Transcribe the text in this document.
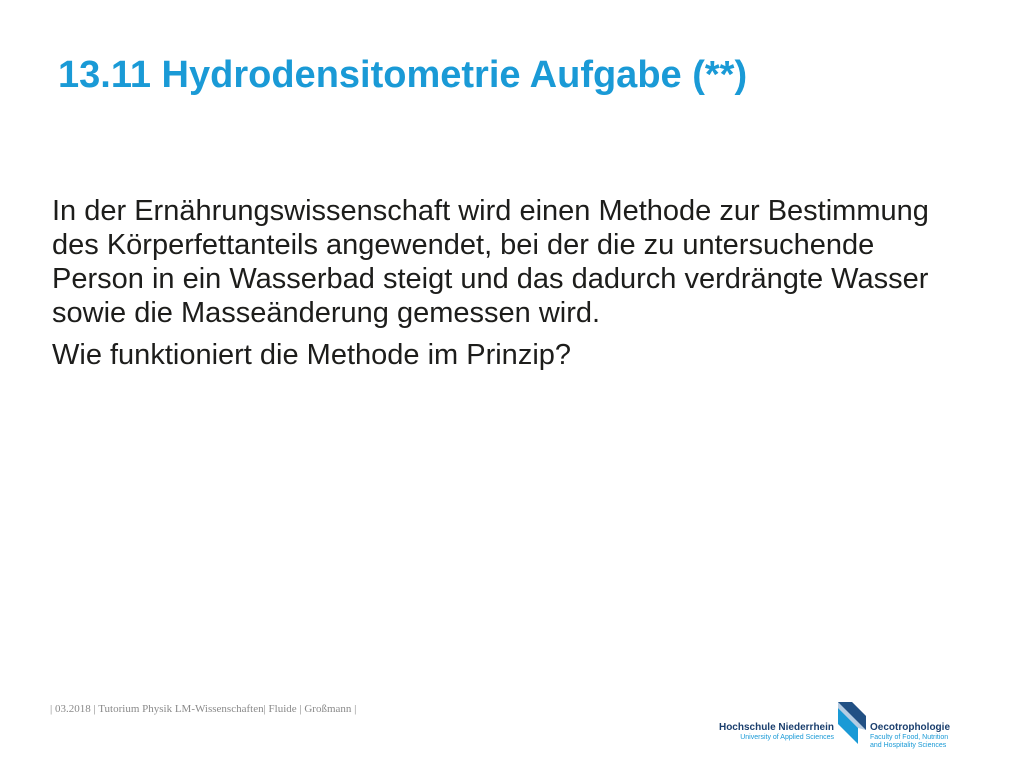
13.11 Hydrodensitometrie Aufgabe (**)

In der Ernährungswissenschaft wird einen Methode zur Bestimmung des Körperfettanteils angewendet, bei der die zu untersuchende Person in ein Wasserbad steigt und das dadurch verdrängte Wasser sowie die Masseänderung gemessen wird.

Wie funktioniert die Methode im Prinzip?

| 03.2018 | Tutorium Physik LM-Wissenschaften| Fluide | Großmann |
Hochschule Niederrhein
University of Applied Sciences
Oecotrophologie
Faculty of Food, Nutrition
and Hospitality Sciences
